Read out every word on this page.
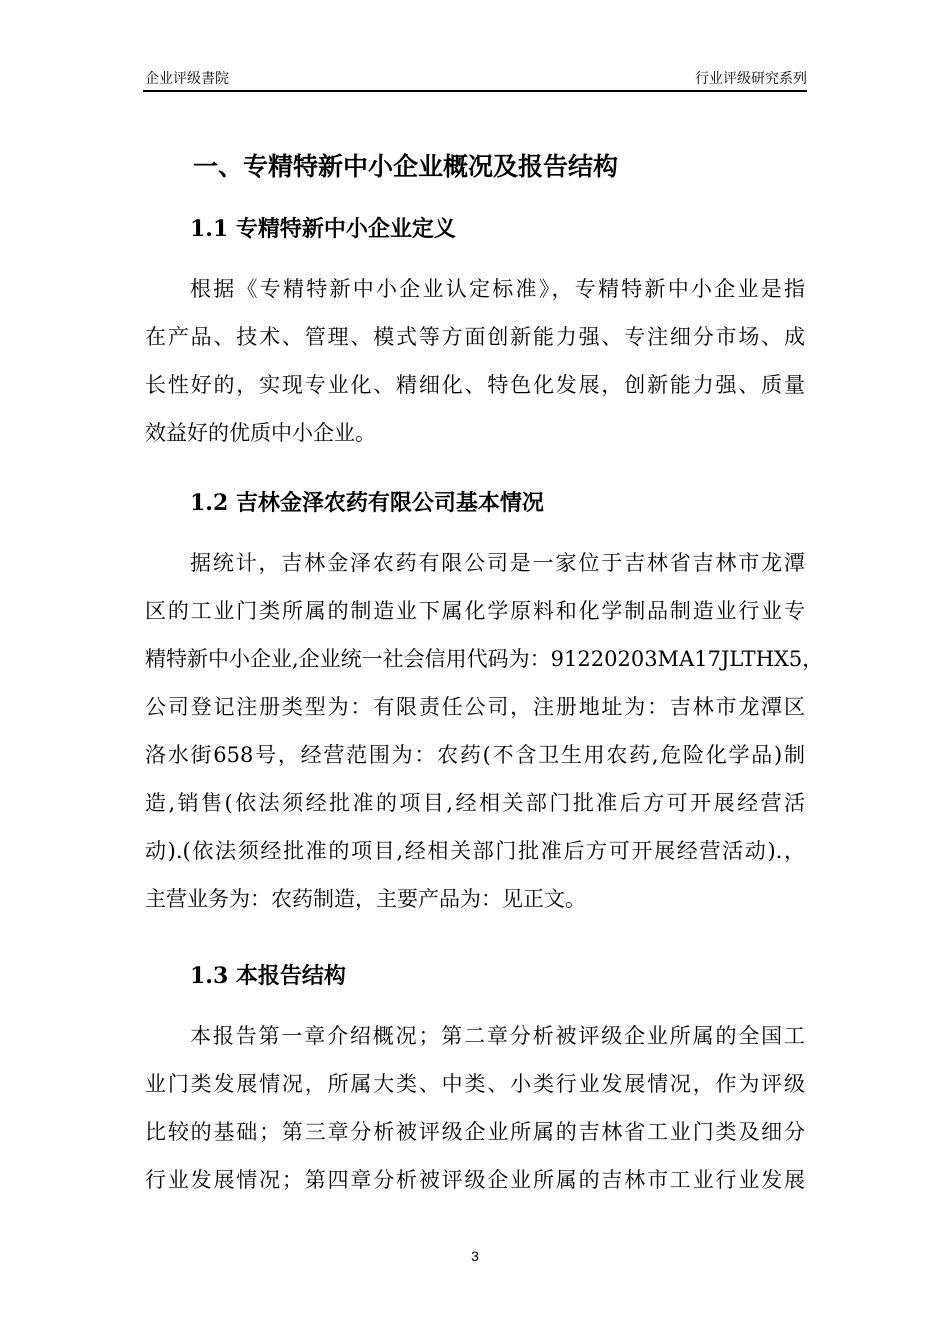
企业评级書院	行业评级研究系列
一、专精特新中小企业概况及报告结构
1.1 专精特新中小企业定义
根据《专精特新中小企业认定标准》，专精特新中小企业是指
在产品、技术、管理、模式等方面创新能力强、专注细分市场、成
长性好的，实现专业化、精细化、特色化发展，创新能力强、质量
效益好的优质中小企业。
1.2 吉林金泽农药有限公司基本情况
据统计，吉林金泽农药有限公司是一家位于吉林省吉林市龙潭
区的工业门类所属的制造业下属化学原料和化学制品制造业行业专
精特新中小企业,企业统一社会信用代码为：91220203MA17JLTHX5，
公司登记注册类型为：有限责任公司，注册地址为：吉林市龙潭区
洛水街658号，经营范围为：农药(不含卫生用农药,危险化学品)制
造,销售(依法须经批准的项目,经相关部门批准后方可开展经营活
动).(依法须经批准的项目,经相关部门批准后方可开展经营活动).，
主营业务为：农药制造，主要产品为：见正文。
1.3 本报告结构
本报告第一章介绍概况；第二章分析被评级企业所属的全国工
业门类发展情况，所属大类、中类、小类行业发展情况，作为评级
比较的基础；第三章分析被评级企业所属的吉林省工业门类及细分
行业发展情况；第四章分析被评级企业所属的吉林市工业行业发展
3
